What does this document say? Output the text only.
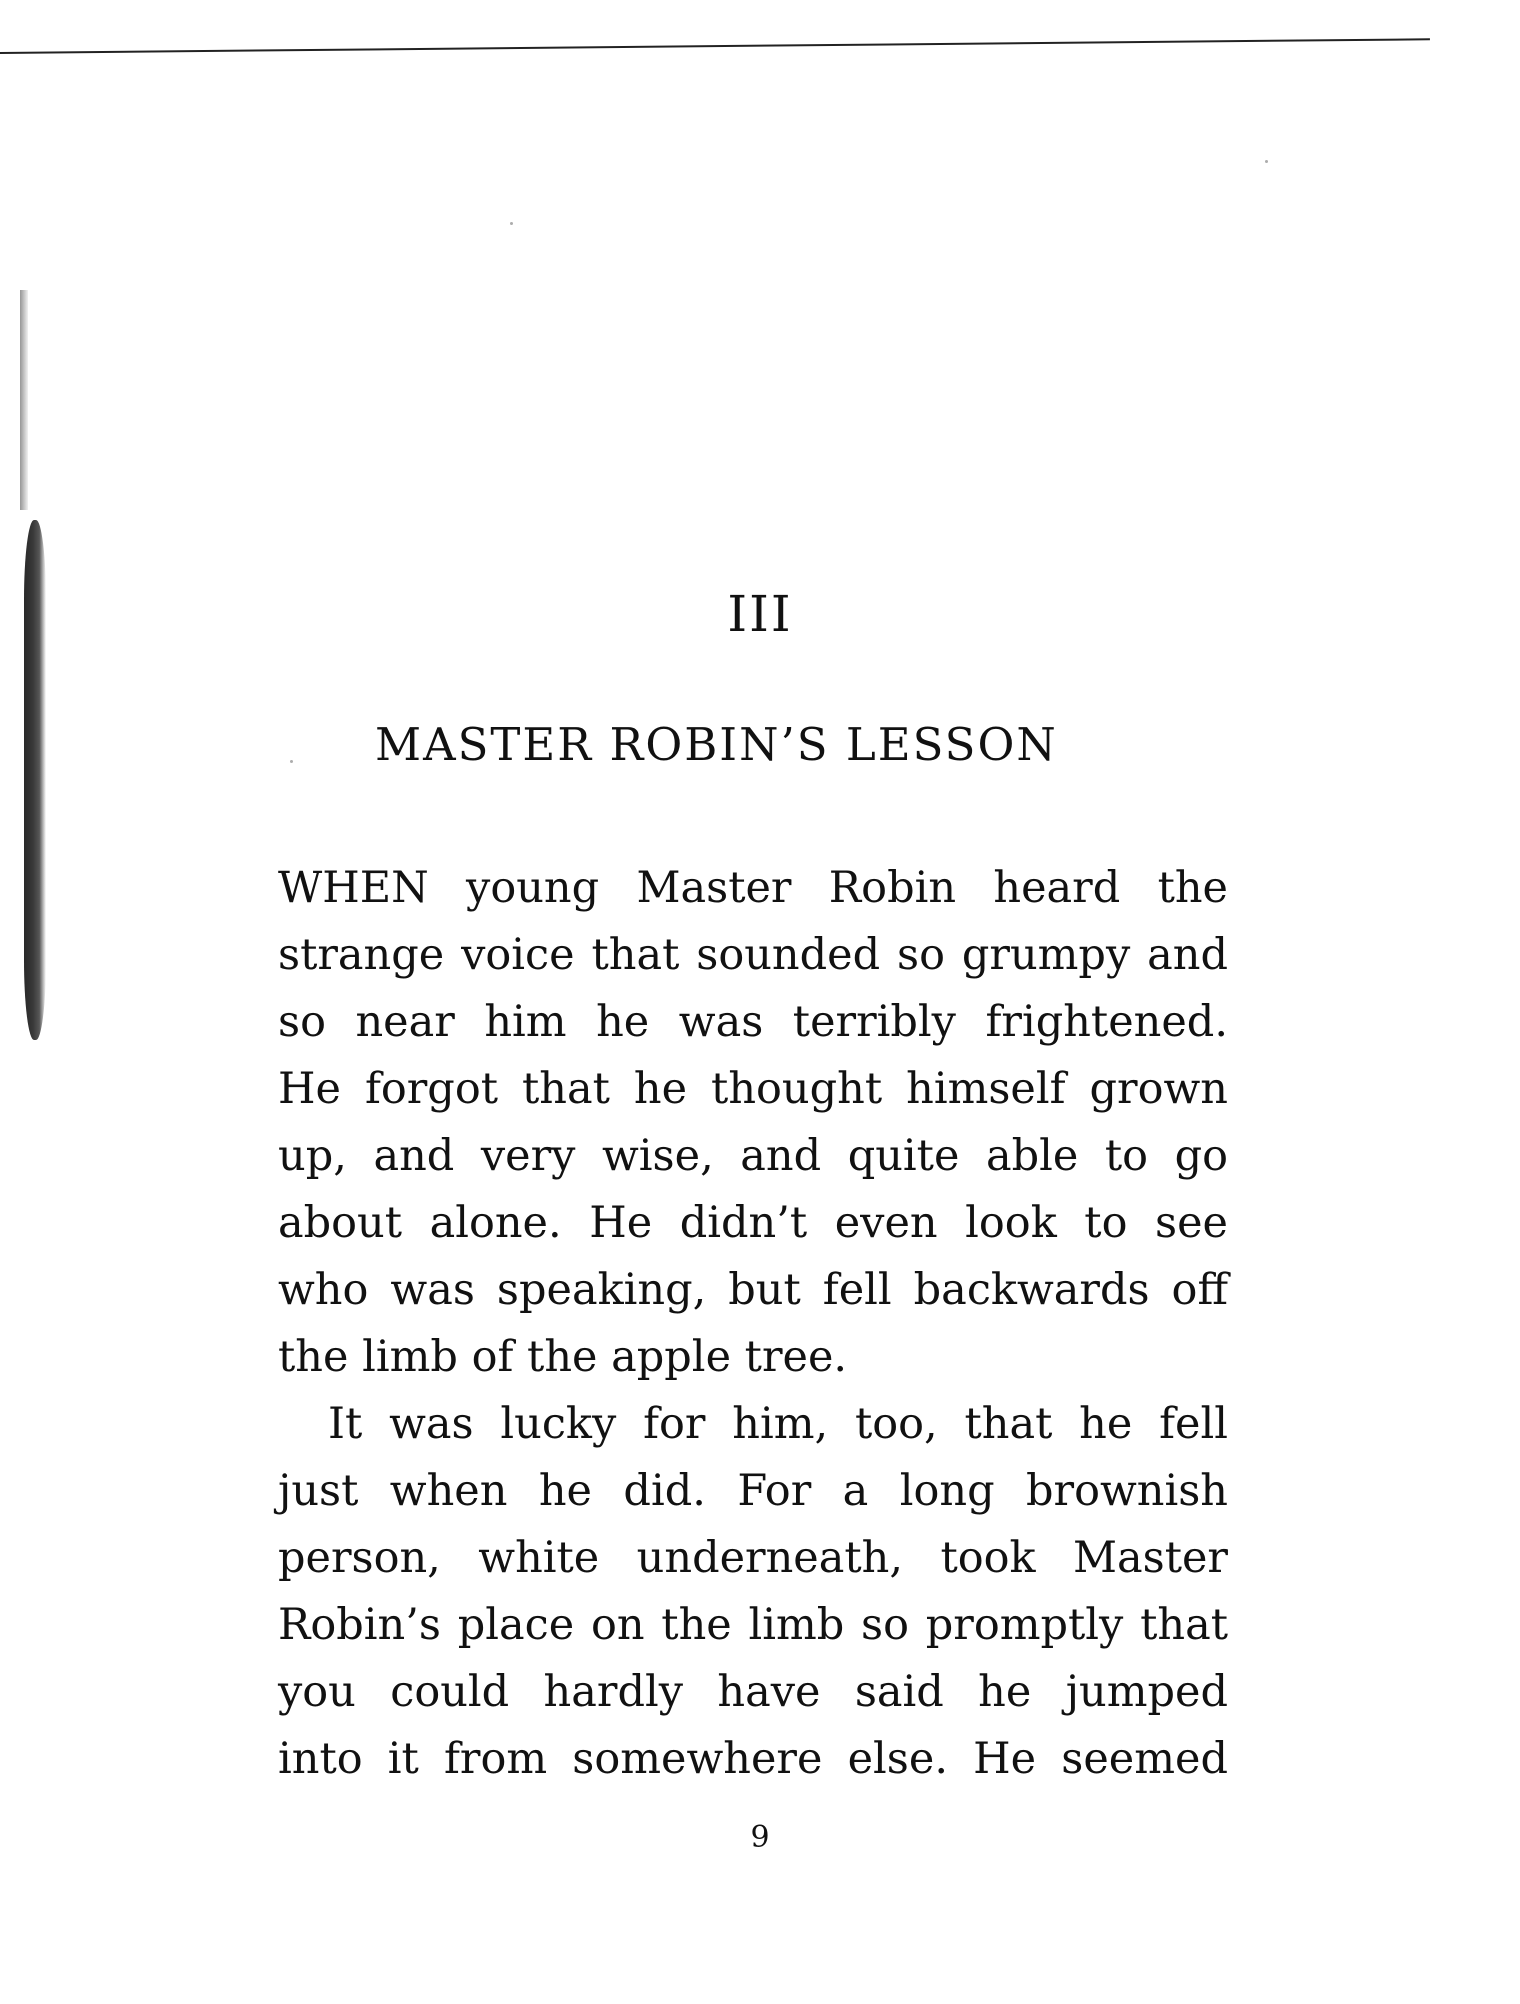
III
MASTER ROBIN’S LESSON
WHEN young Master Robin heard the
strange voice that sounded so grumpy and
so near him he was terribly frightened.
He forgot that he thought himself grown
up, and very wise, and quite able to go
about alone. He didn’t even look to see
who was speaking, but fell backwards off
the limb of the apple tree.
It was lucky for him, too, that he fell
just when he did. For a long brownish
person, white underneath, took Master
Robin’s place on the limb so promptly that
you could hardly have said he jumped
into it from somewhere else. He seemed
9
